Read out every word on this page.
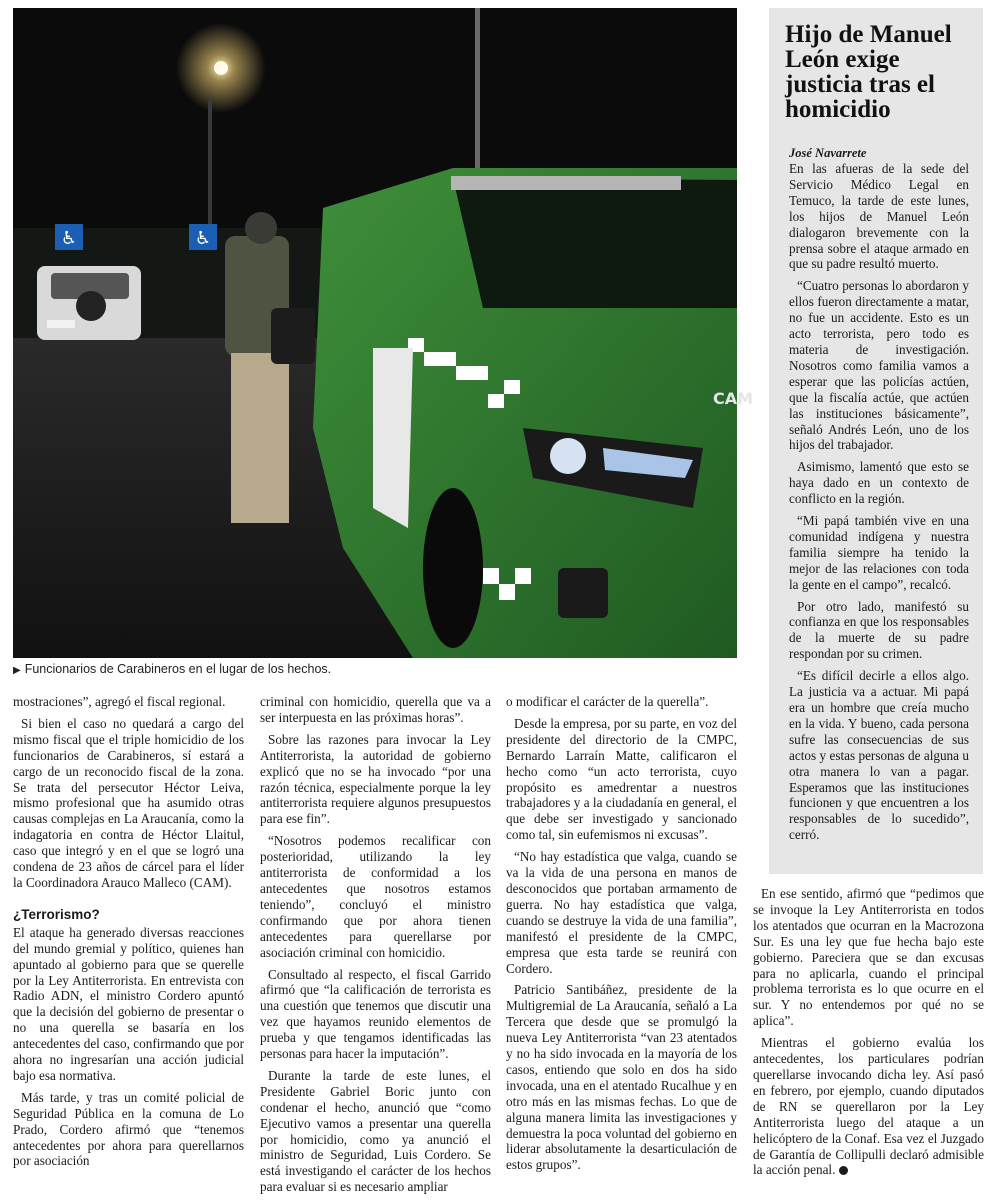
♿	♿
CAM
▶ Funcionarios de Carabineros en el lugar de los hechos.
Hijo de Manuel León exige justicia tras el homicidio
José Navarrete

En las afueras de la sede del Servicio Médico Legal en Temuco, la tarde de este lunes, los hijos de Manuel León dialogaron brevemente con la prensa sobre el ataque armado en que su padre resultó muerto.

“Cuatro personas lo abordaron y ellos fueron directamente a matar, no fue un accidente. Esto es un acto terrorista, pero todo es materia de investigación. Nosotros como familia vamos a esperar que las policías actúen, que la fiscalía actúe, que actúen las instituciones básicamente”, señaló Andrés León, uno de los hijos del trabajador.

Asimismo, lamentó que esto se haya dado en un contexto de conflicto en la región.

“Mi papá también vive en una comunidad indígena y nuestra familia siempre ha tenido la mejor de las relaciones con toda la gente en el campo”, recalcó.

Por otro lado, manifestó su confianza en que los responsables de la muerte de su padre respondan por su crimen.

“Es difícil decirle a ellos algo. La justicia va a actuar. Mi papá era un hombre que creía mucho en la vida. Y bueno, cada persona sufre las consecuencias de sus actos y estas personas de alguna u otra manera lo van a pagar. Esperamos que las instituciones funcionen y que encuentren a los responsables de lo sucedido”, cerró.

mostraciones”, agregó el fiscal regional.

Si bien el caso no quedará a cargo del mismo fiscal que el triple homicidio de los funcionarios de Carabineros, sí estará a cargo de un reconocido fiscal de la zona. Se trata del persecutor Héctor Leiva, mismo profesional que ha asumido otras causas complejas en La Araucanía, como la indagatoria en contra de Héctor Llaitul, caso que integró y en el que se logró una condena de 23 años de cárcel para el líder la Coordinadora Arauco Malleco (CAM).

¿Terrorismo?

El ataque ha generado diversas reacciones del mundo gremial y político, quienes han apuntado al gobierno para que se querelle por la Ley Antiterrorista. En entrevista con Radio ADN, el ministro Cordero apuntó que la decisión del gobierno de presentar o no una querella se basaría en los antecedentes del caso, confirmando que por ahora no ingresarían una acción judicial bajo esa normativa.

Más tarde, y tras un comité policial de Seguridad Pública en la comuna de Lo Prado, Cordero afirmó que “tenemos antecedentes por ahora para querellarnos por asociación

criminal con homicidio, querella que va a ser interpuesta en las próximas horas”.

Sobre las razones para invocar la Ley Antiterrorista, la autoridad de gobierno explicó que no se ha invocado “por una razón técnica, especialmente porque la ley antiterrorista requiere algunos presupuestos para ese fin”.

“Nosotros podemos recalificar con posterioridad, utilizando la ley antiterrorista de conformidad a los antecedentes que nosotros estamos teniendo”, concluyó el ministro confirmando que por ahora tienen antecedentes para querellarse por asociación criminal con homicidio.

Consultado al respecto, el fiscal Garrido afirmó que “la calificación de terrorista es una cuestión que tenemos que discutir una vez que hayamos reunido elementos de prueba y que tengamos identificadas las personas para hacer la imputación”.

Durante la tarde de este lunes, el Presidente Gabriel Boric junto con condenar el hecho, anunció que “como Ejecutivo vamos a presentar una querella por homicidio, como ya anunció el ministro de Seguridad, Luis Cordero. Se está investigando el carácter de los hechos para evaluar si es necesario ampliar

o modificar el carácter de la querella”.

Desde la empresa, por su parte, en voz del presidente del directorio de la CMPC, Bernardo Larraín Matte, calificaron el hecho como “un acto terrorista, cuyo propósito es amedrentar a nuestros trabajadores y a la ciudadanía en general, el que debe ser investigado y sancionado como tal, sin eufemismos ni excusas”.

“No hay estadística que valga, cuando se va la vida de una persona en manos de desconocidos que portaban armamento de guerra. No hay estadística que valga, cuando se destruye la vida de una familia”, manifestó el presidente de la CMPC, empresa que esta tarde se reunirá con Cordero.

Patricio Santibáñez, presidente de la Multigremial de La Araucanía, señaló a La Tercera que desde que se promulgó la nueva Ley Antiterrorista “van 23 atentados y no ha sido invocada en la mayoría de los casos, entiendo que solo en dos ha sido invocada, una en el atentado Rucalhue y en otro más en las mismas fechas. Lo que de alguna manera limita las investigaciones y demuestra la poca voluntad del gobierno en liderar absolutamente la desarticulación de estos grupos”.

En ese sentido, afirmó que “pedimos que se invoque la Ley Antiterrorista en todos los atentados que ocurran en la Macrozona Sur. Es una ley que fue hecha bajo este gobierno. Pareciera que se dan excusas para no aplicarla, cuando el principal problema terrorista es lo que ocurre en el sur. Y no entendemos por qué no se aplica”.

Mientras el gobierno evalúa los antecedentes, los particulares podrían querellarse invocando dicha ley. Así pasó en febrero, por ejemplo, cuando diputados de RN se querellaron por la Ley Antiterrorista luego del ataque a un helicóptero de la Conaf. Esa vez el Juzgado de Garantía de Collipulli declaró admisible la acción penal.
